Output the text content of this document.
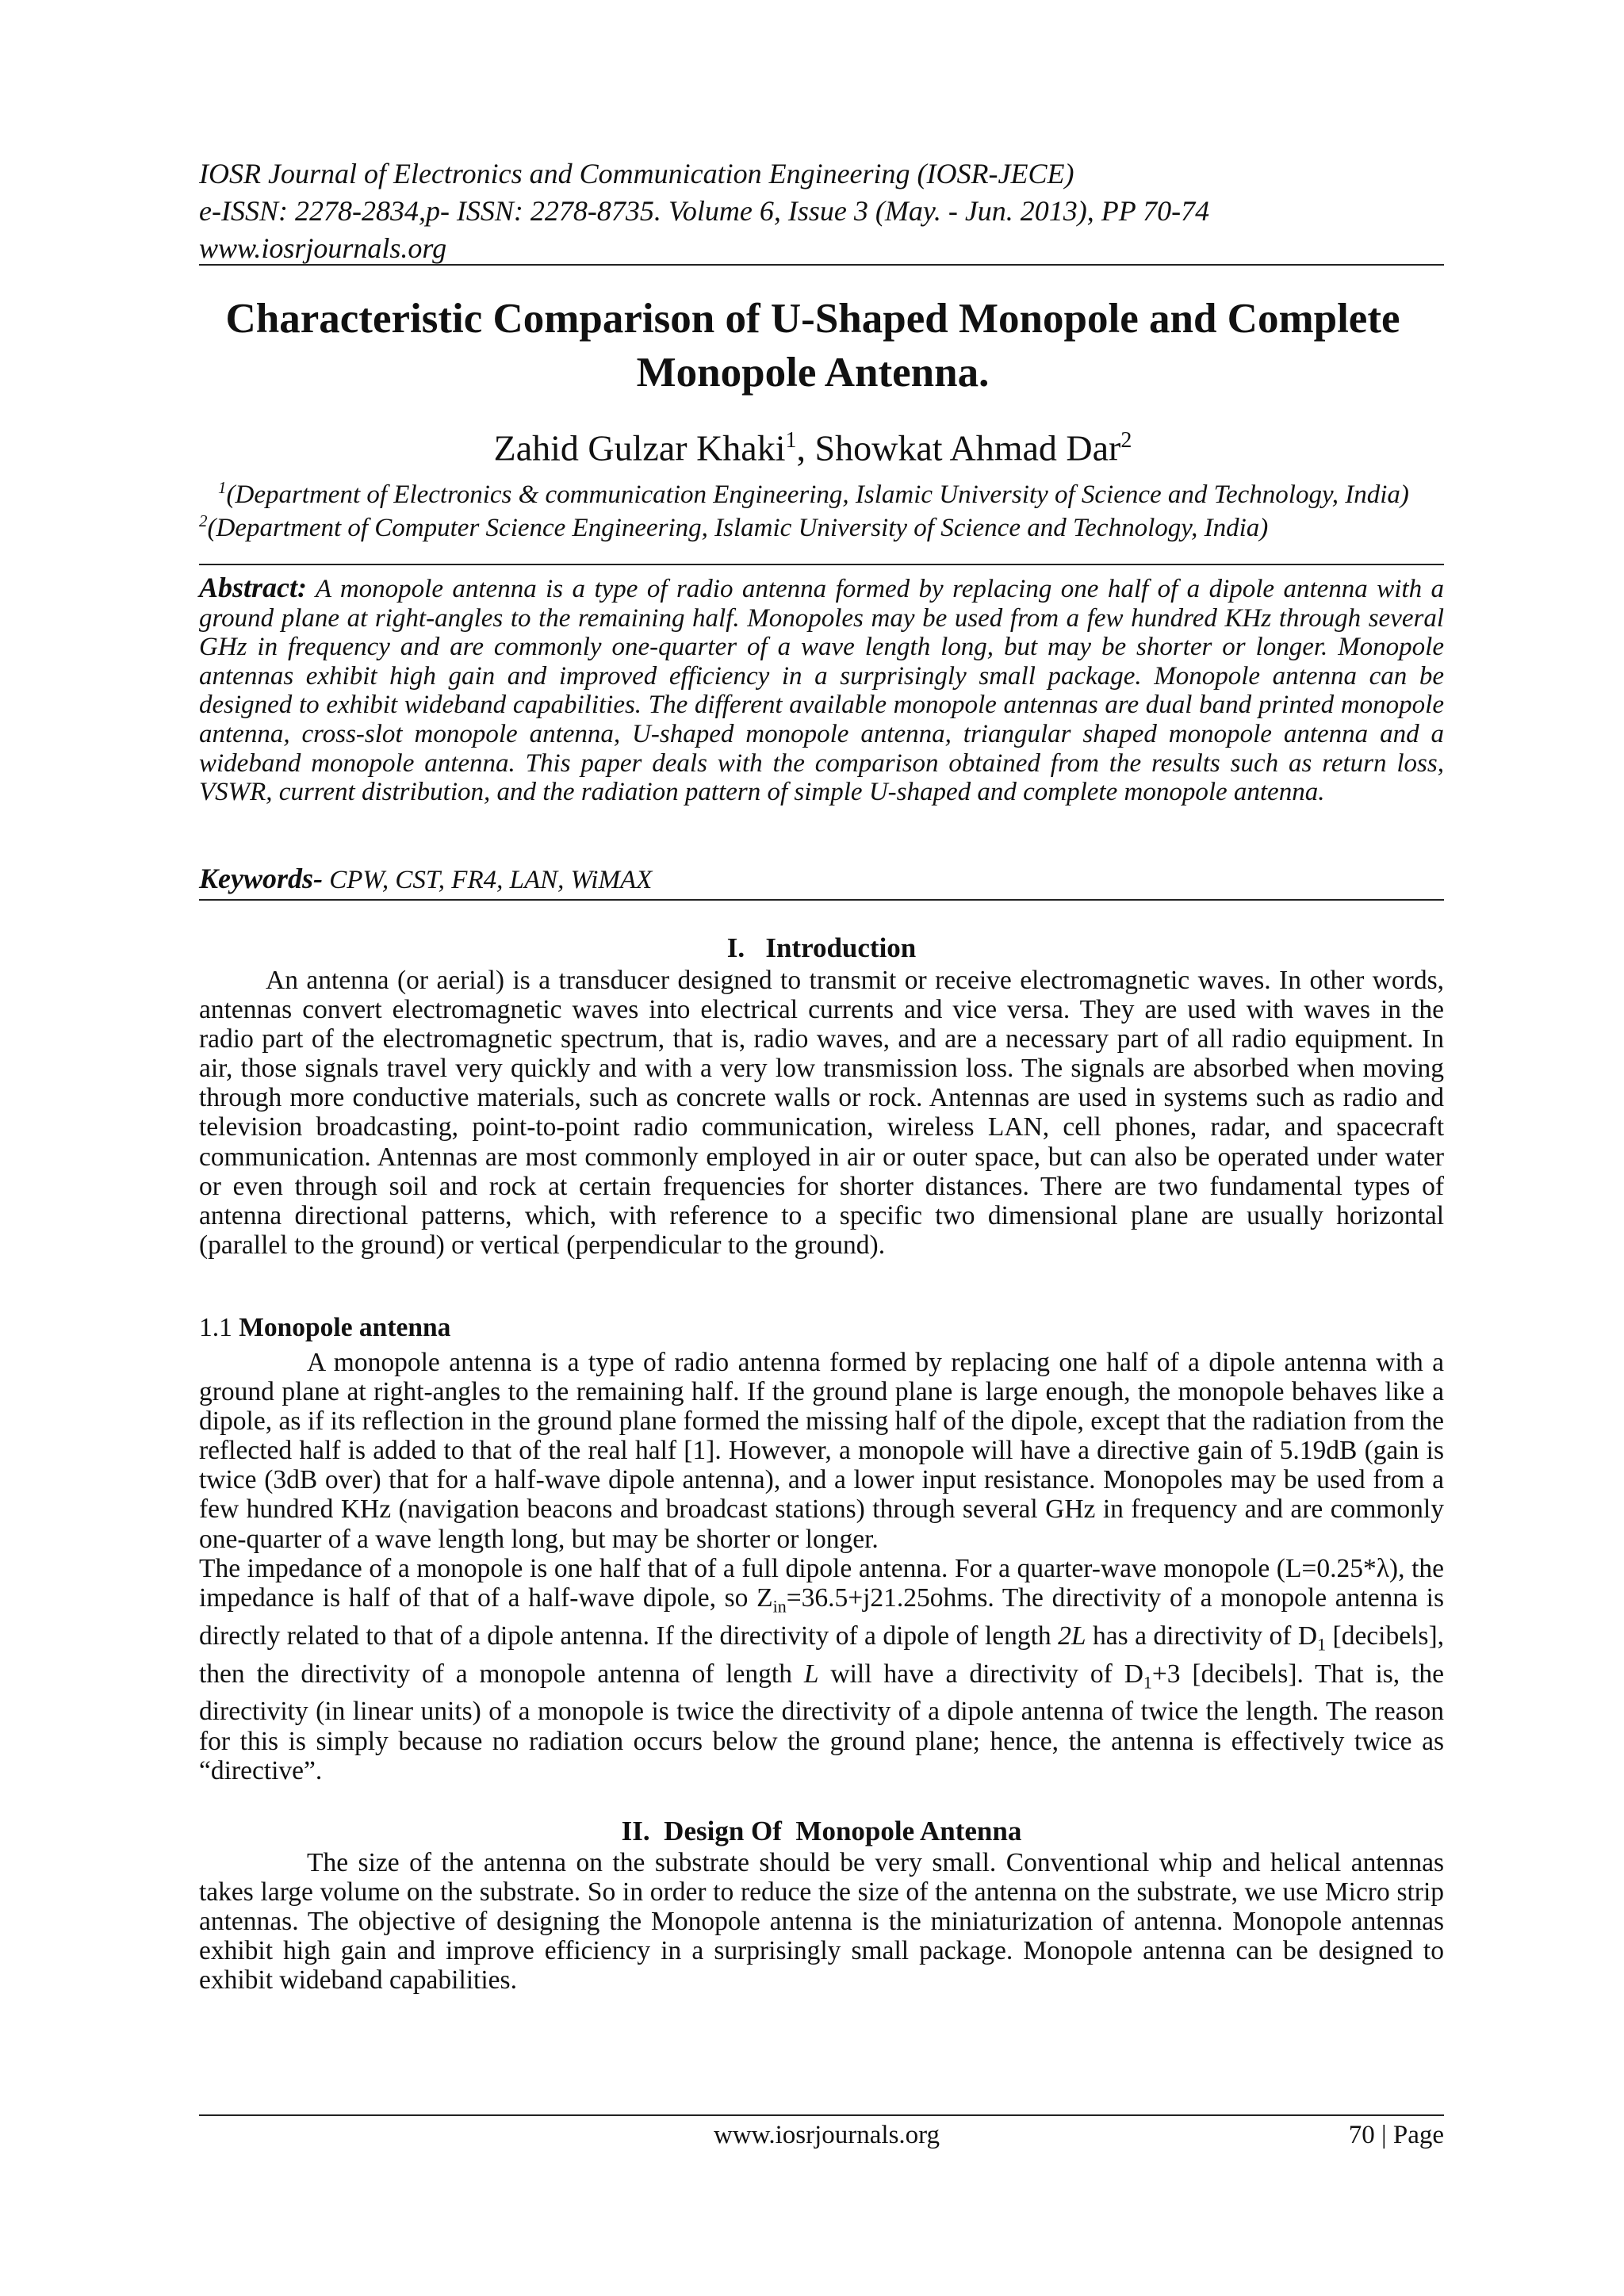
IOSR Journal of Electronics and Communication Engineering (IOSR-JECE)
e-ISSN: 2278-2834,p- ISSN: 2278-8735. Volume 6, Issue 3 (May. - Jun. 2013), PP 70-74
www.iosrjournals.org
Characteristic Comparison of U-Shaped Monopole and Complete
Monopole Antenna.
Zahid Gulzar Khaki$^1$, Showkat Ahmad Dar$^2$
$^1$(Department of Electronics & communication Engineering, Islamic University of Science and Technology, India)
$^2$(Department of Computer Science Engineering, Islamic University of Science and Technology, India)
Abstract: A monopole antenna is a type of radio antenna formed by replacing one half of a dipole antenna with a ground plane at right-angles to the remaining half. Monopoles may be used from a few hundred KHz through several GHz in frequency and are commonly one-quarter of a wave length long, but may be shorter or longer. Monopole antennas exhibit high gain and improved efficiency in a surprisingly small package. Monopole antenna can be designed to exhibit wideband capabilities. The different available monopole antennas are dual band printed monopole antenna, cross-slot monopole antenna, U-shaped monopole antenna, triangular shaped monopole antenna and a wideband monopole antenna. This paper deals with the comparison obtained from the results such as return loss, VSWR, current distribution, and the radiation pattern of simple U-shaped and complete monopole antenna.
Keywords- CPW, CST, FR4, LAN, WiMAX
I.   Introduction
An antenna (or aerial) is a transducer designed to transmit or receive electromagnetic waves. In other words, antennas convert electromagnetic waves into electrical currents and vice versa. They are used with waves in the radio part of the electromagnetic spectrum, that is, radio waves, and are a necessary part of all radio equipment. In air, those signals travel very quickly and with a very low transmission loss. The signals are absorbed when moving through more conductive materials, such as concrete walls or rock. Antennas are used in systems such as radio and television broadcasting, point-to-point radio communication, wireless LAN, cell phones, radar, and spacecraft communication. Antennas are most commonly employed in air or outer space, but can also be operated under water or even through soil and rock at certain frequencies for shorter distances. There are two fundamental types of antenna directional patterns, which, with reference to a specific two dimensional plane are usually horizontal (parallel to the ground) or vertical (perpendicular to the ground).
1.1 Monopole antenna
A monopole antenna is a type of radio antenna formed by replacing one half of a dipole antenna with a ground plane at right-angles to the remaining half. If the ground plane is large enough, the monopole behaves like a dipole, as if its reflection in the ground plane formed the missing half of the dipole, except that the radiation from the reflected half is added to that of the real half [1]. However, a monopole will have a directive gain of 5.19dB (gain is twice (3dB over) that for a half-wave dipole antenna), and a lower input resistance. Monopoles may be used from a few hundred KHz (navigation beacons and broadcast stations) through several GHz in frequency and are commonly one-quarter of a wave length long, but may be shorter or longer.
The impedance of a monopole is one half that of a full dipole antenna. For a quarter-wave monopole (L=0.25*λ), the impedance is half of that of a half-wave dipole, so $Z_{in}=36.5+j21.25ohms$. The directivity of a monopole antenna is directly related to that of a dipole antenna. If the directivity of a dipole of length 2L has a directivity of $D_1$ [decibels], then the directivity of a monopole antenna of length L will have a directivity of $D_1+3$ [decibels]. That is, the directivity (in linear units) of a monopole is twice the directivity of a dipole antenna of twice the length. The reason for this is simply because no radiation occurs below the ground plane; hence, the antenna is effectively twice as “directive”.
II.  Design Of  Monopole Antenna
The size of the antenna on the substrate should be very small. Conventional whip and helical antennas takes large volume on the substrate. So in order to reduce the size of the antenna on the substrate, we use Micro strip antennas. The objective of designing the Monopole antenna is the miniaturization of antenna. Monopole antennas exhibit high gain and improve efficiency in a surprisingly small package. Monopole antenna can be designed to exhibit wideband capabilities.
www.iosrjournals.org	70 | Page
